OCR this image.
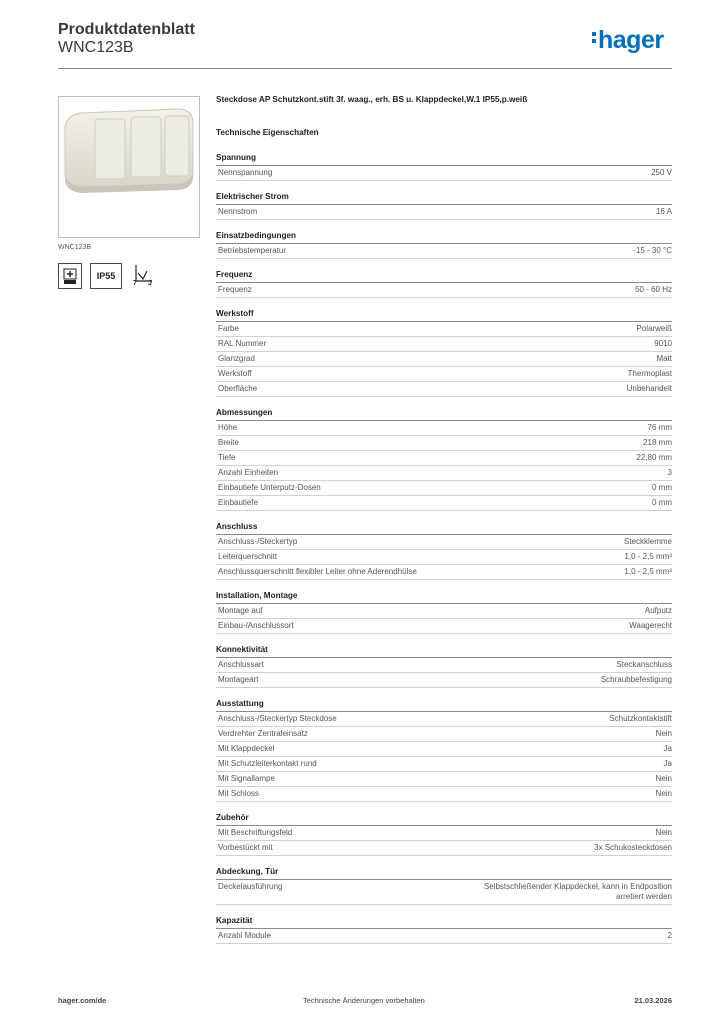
Produktdatenblatt
WNC123B	hager
WNC123B
IP55
7 J
Steckdose AP Schutzkont.stift 3f. waag., erh. BS u. Klappdeckel,W.1 IP55,p.weiß
Technische Eigenschaften
Spannung
Nennspannung	250 V
Elektrischer Strom
Nennstrom	16 A
Einsatzbedingungen
Betriebstemperatur	-15 - 30 °C
Frequenz
Frequenz	50 - 60 Hz
Werkstoff
Farbe	Polarweiß
RAL Nummer	9010
Glanzgrad	Matt
Werkstoff	Thermoplast
Oberfläche	Unbehandelt
Abmessungen
Höhe	76 mm
Breite	218 mm
Tiefe	22,80 mm
Anzahl Einheiten	3
Einbautiefe Unterputz-Dosen	0 mm
Einbautiefe	0 mm
Anschluss
Anschluss-/Steckertyp	Steckklemme
Leiterquerschnitt	1,0 - 2,5 mm²
Anschlussquerschnitt flexibler Leiter ohne Aderendhülse	1,0 - 2,5 mm²
Installation, Montage
Montage auf	Aufputz
Einbau-/Anschlussort	Waagerecht
Konnektivität
Anschlussart	Steckanschluss
Montageart	Schraubbefestigung
Ausstattung
Anschluss-/Steckertyp Steckdose	Schutzkontaktstift
Verdrehter Zentraleinsatz	Nein
Mit Klappdeckel	Ja
Mit Schutzleiterkontakt rund	Ja
Mit Signallampe	Nein
Mit Schloss	Nein
Zubehör
Mit Beschriftungsfeld	Nein
Vorbestückt mit	3x Schukosteckdosen
Abdeckung, Tür
Deckelausführung	Selbstschließender Klappdeckel, kann in Endposition arretiert werden
Kapazität
Anzahl Module	2
hager.com/de	Technische Änderungen vorbehalten	21.03.2026
